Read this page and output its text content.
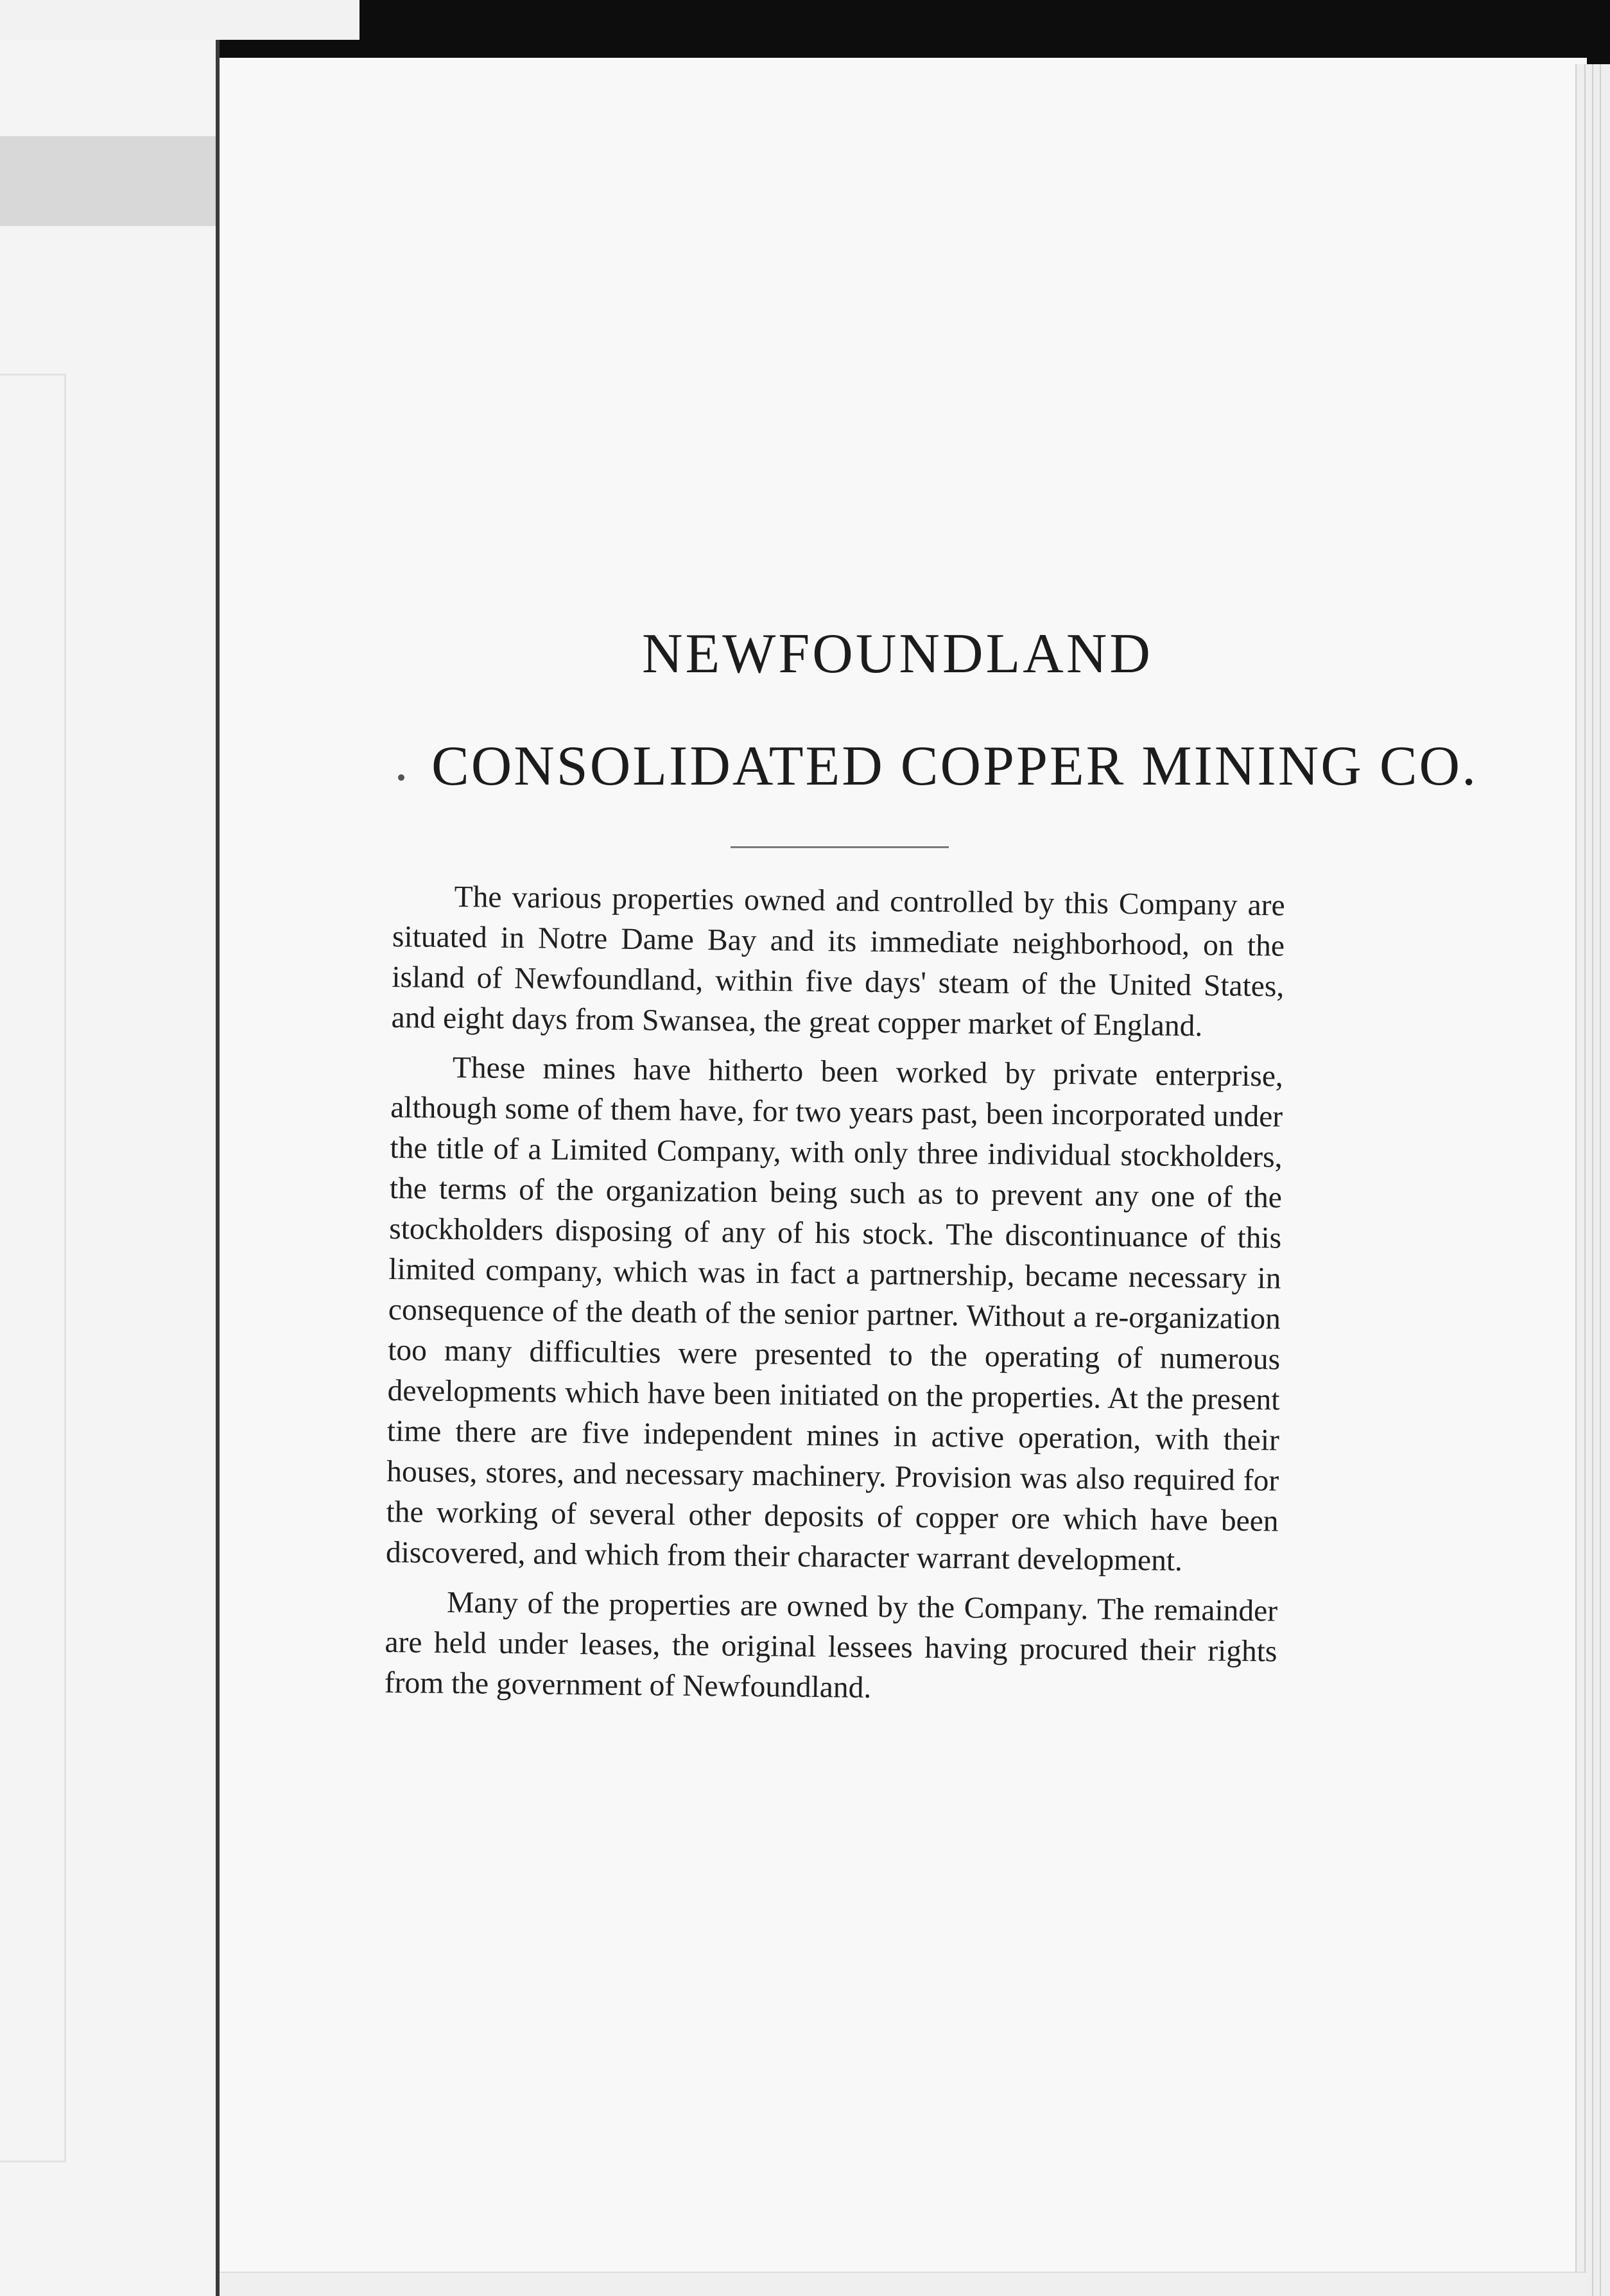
NEWFOUNDLAND
CONSOLIDATED COPPER MINING CO.

The various properties owned and controlled by this Company are situated in Notre Dame Bay and its immediate neighborhood, on the island of Newfoundland, within five days' steam of the United States, and eight days from Swansea, the great copper market of England.

These mines have hitherto been worked by private enterprise, although some of them have, for two years past, been incorporated under the title of a Limited Company, with only three individual stockholders, the terms of the organization being such as to prevent any one of the stockholders disposing of any of his stock. The discontinuance of this limited company, which was in fact a partnership, became necessary in consequence of the death of the senior partner. Without a re-organization too many difficulties were presented to the operating of numerous developments which have been initiated on the properties. At the present time there are five independent mines in active operation, with their houses, stores, and necessary machinery. Provision was also required for the working of several other deposits of copper ore which have been discovered, and which from their character warrant development.

Many of the properties are owned by the Company. The remainder are held under leases, the original lessees having procured their rights from the government of Newfoundland.
